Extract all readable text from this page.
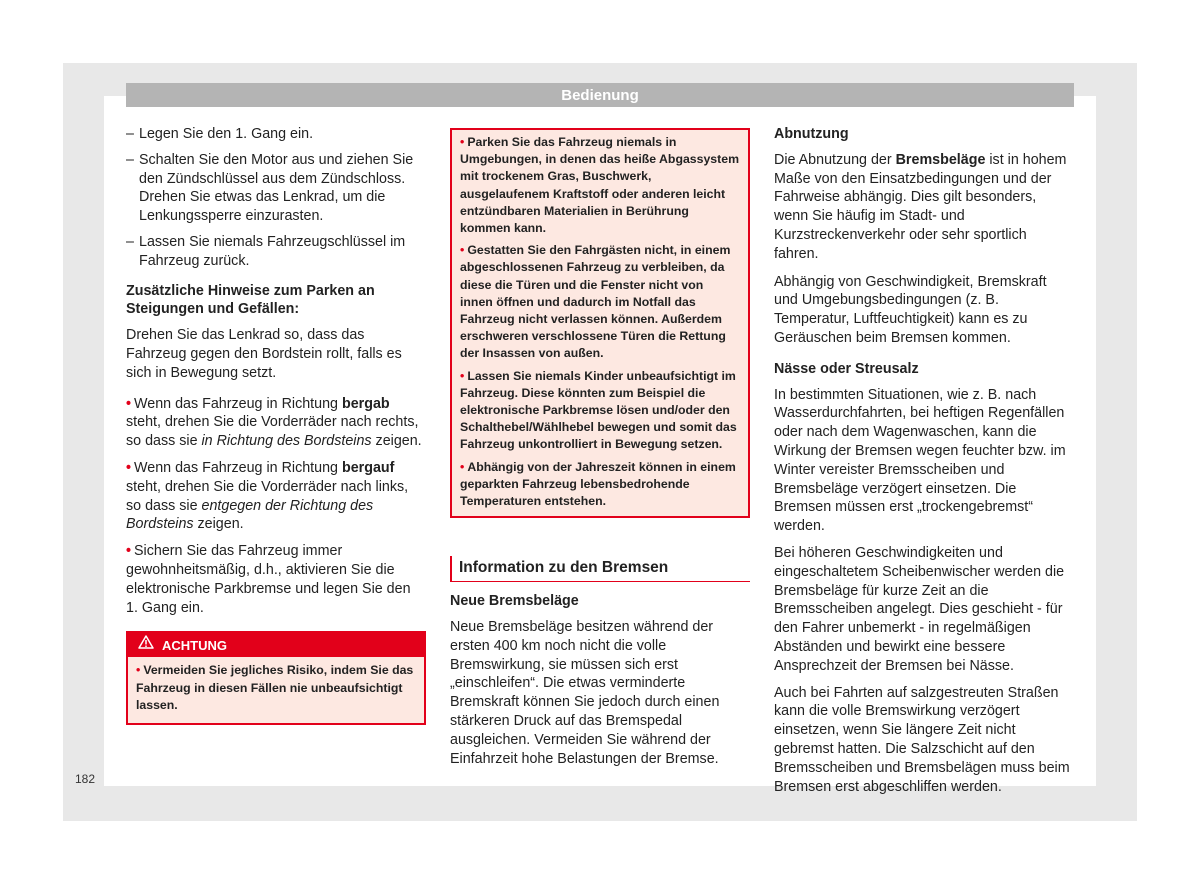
Bedienung

– Legen Sie den 1. Gang ein.

– Schalten Sie den Motor aus und ziehen Sie den Zündschlüssel aus dem Zündschloss. Drehen Sie etwas das Lenkrad, um die Lenkungssperre einzurasten.

– Lassen Sie niemals Fahrzeugschlüssel im Fahrzeug zurück.

Zusätzliche Hinweise zum Parken an Steigungen und Gefällen:

Drehen Sie das Lenkrad so, dass das Fahrzeug gegen den Bordstein rollt, falls es sich in Bewegung setzt.

• Wenn das Fahrzeug in Richtung bergab steht, drehen Sie die Vorderräder nach rechts, so dass sie in Richtung des Bordsteins zeigen.

• Wenn das Fahrzeug in Richtung bergauf steht, drehen Sie die Vorderräder nach links, so dass sie entgegen der Richtung des Bordsteins zeigen.

• Sichern Sie das Fahrzeug immer gewohnheitsmäßig, d.h., aktivieren Sie die elektronische Parkbremse und legen Sie den 1. Gang ein.

ACHTUNG

• Vermeiden Sie jegliches Risiko, indem Sie das Fahrzeug in diesen Fällen nie unbeaufsichtigt lassen.

• Parken Sie das Fahrzeug niemals in Umgebungen, in denen das heiße Abgassystem mit trockenem Gras, Buschwerk, ausgelaufenem Kraftstoff oder anderen leicht entzündbaren Materialien in Berührung kommen kann.

• Gestatten Sie den Fahrgästen nicht, in einem abgeschlossenen Fahrzeug zu verbleiben, da diese die Türen und die Fenster nicht von innen öffnen und dadurch im Notfall das Fahrzeug nicht verlassen können. Außerdem erschweren verschlossene Türen die Rettung der Insassen von außen.

• Lassen Sie niemals Kinder unbeaufsichtigt im Fahrzeug. Diese könnten zum Beispiel die elektronische Parkbremse lösen und/oder den Schalthebel/Wählhebel bewegen und somit das Fahrzeug unkontrolliert in Bewegung setzen.

• Abhängig von der Jahreszeit können in einem geparkten Fahrzeug lebensbedrohende Temperaturen entstehen.

Information zu den Bremsen

Neue Bremsbeläge

Neue Bremsbeläge besitzen während der ersten 400 km noch nicht die volle Bremswirkung, sie müssen sich erst „einschleifen“. Die etwas verminderte Bremskraft können Sie jedoch durch einen stärkeren Druck auf das Bremspedal ausgleichen. Vermeiden Sie während der Einfahrzeit hohe Belastungen der Bremse.

Abnutzung

Die Abnutzung der Bremsbeläge ist in hohem Maße von den Einsatzbedingungen und der Fahrweise abhängig. Dies gilt besonders, wenn Sie häufig im Stadt- und Kurzstreckenverkehr oder sehr sportlich fahren.

Abhängig von Geschwindigkeit, Bremskraft und Umgebungsbedingungen (z. B. Temperatur, Luftfeuchtigkeit) kann es zu Geräuschen beim Bremsen kommen.

Nässe oder Streusalz

In bestimmten Situationen, wie z. B. nach Wasserdurchfahrten, bei heftigen Regenfällen oder nach dem Wagenwaschen, kann die Wirkung der Bremsen wegen feuchter bzw. im Winter vereister Bremsscheiben und Bremsbeläge verzögert einsetzen. Die Bremsen müssen erst „trockengebremst“ werden.

Bei höheren Geschwindigkeiten und eingeschaltetem Scheibenwischer werden die Bremsbeläge für kurze Zeit an die Bremsscheiben angelegt. Dies geschieht - für den Fahrer unbemerkt - in regelmäßigen Abständen und bewirkt eine bessere Ansprechzeit der Bremsen bei Nässe.

Auch bei Fahrten auf salzgestreuten Straßen kann die volle Bremswirkung verzögert einsetzen, wenn Sie längere Zeit nicht gebremst hatten. Die Salzschicht auf den Bremsscheiben und Bremsbelägen muss beim Bremsen erst abgeschliffen werden.

182
